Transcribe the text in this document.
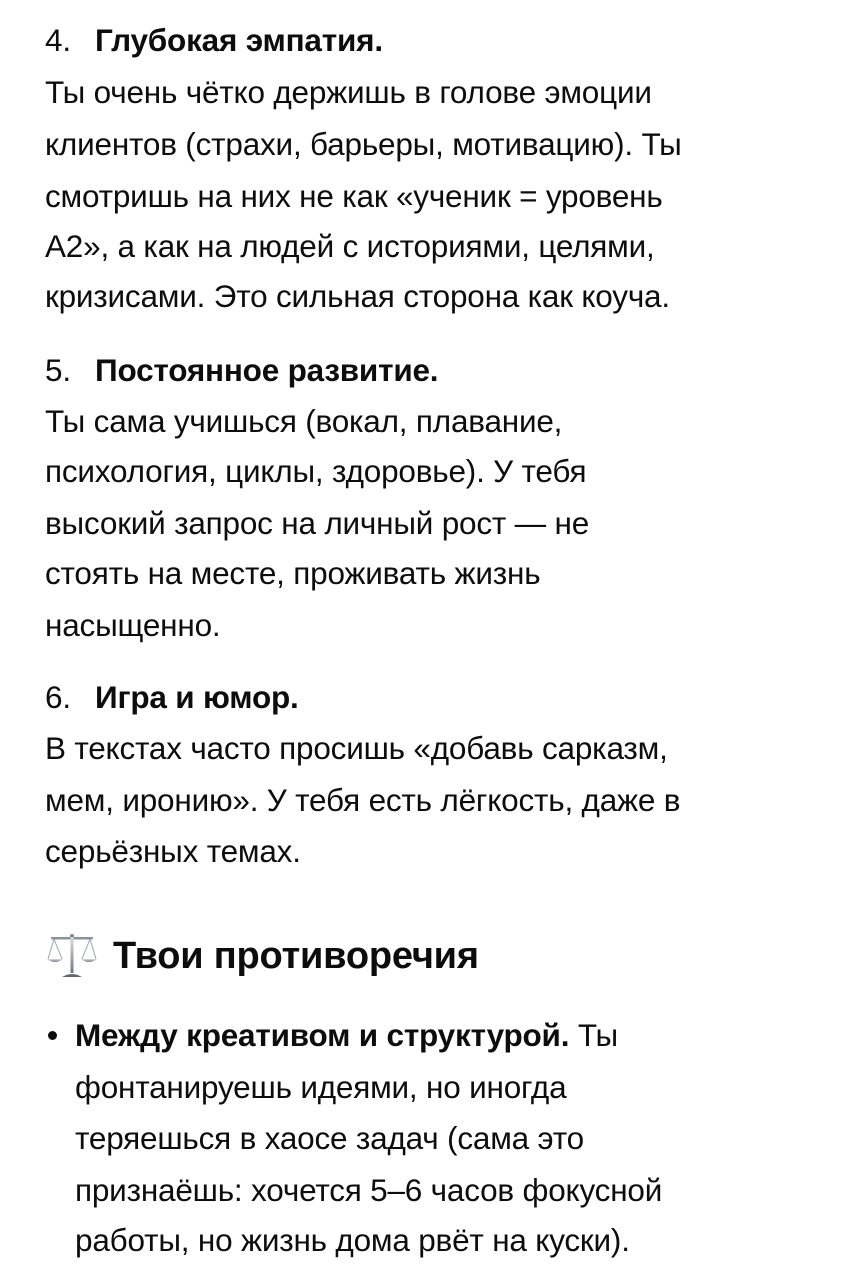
4. Глубокая эмпатия.
Ты очень чётко держишь в голове эмоции
клиентов (страхи, барьеры, мотивацию). Ты
смотришь на них не как «ученик = уровень
A2», а как на людей с историями, целями,
кризисами. Это сильная сторона как коуча.
5. Постоянное развитие.
Ты сама учишься (вокал, плавание,
психология, циклы, здоровье). У тебя
высокий запрос на личный рост — не
стоять на месте, проживать жизнь
насыщенно.
6. Игра и юмор.
В текстах часто просишь «добавь сарказм,
мем, иронию». У тебя есть лёгкость, даже в
серьёзных темах.
Твои противоречия
Между креативом и структурой. Ты
фонтанируешь идеями, но иногда
теряешься в хаосе задач (сама это
признаёшь: хочется 5–6 часов фокусной
работы, но жизнь дома рвёт на куски).
